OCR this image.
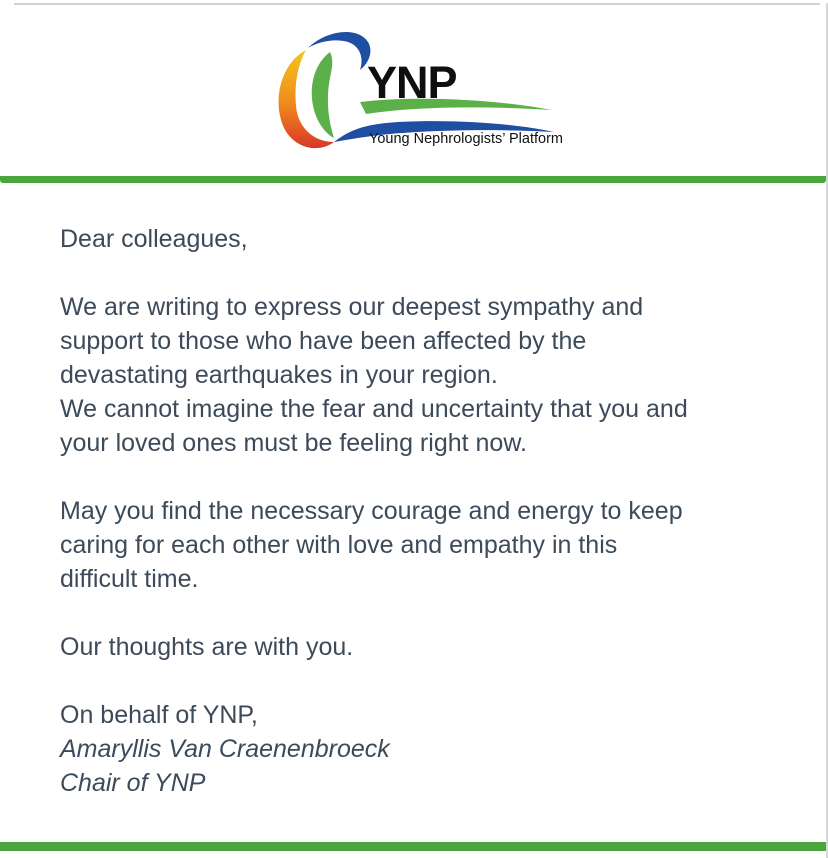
YNP
Young Nephrologists’ Platform

Dear colleagues,

We are writing to express our deepest sympathy and

support to those who have been affected by the

devastating earthquakes in your region.

We cannot imagine the fear and uncertainty that you and

your loved ones must be feeling right now.

May you find the necessary courage and energy to keep

caring for each other with love and empathy in this

difficult time.

Our thoughts are with you.

On behalf of YNP,

Amaryllis Van Craenenbroeck

Chair of YNP
